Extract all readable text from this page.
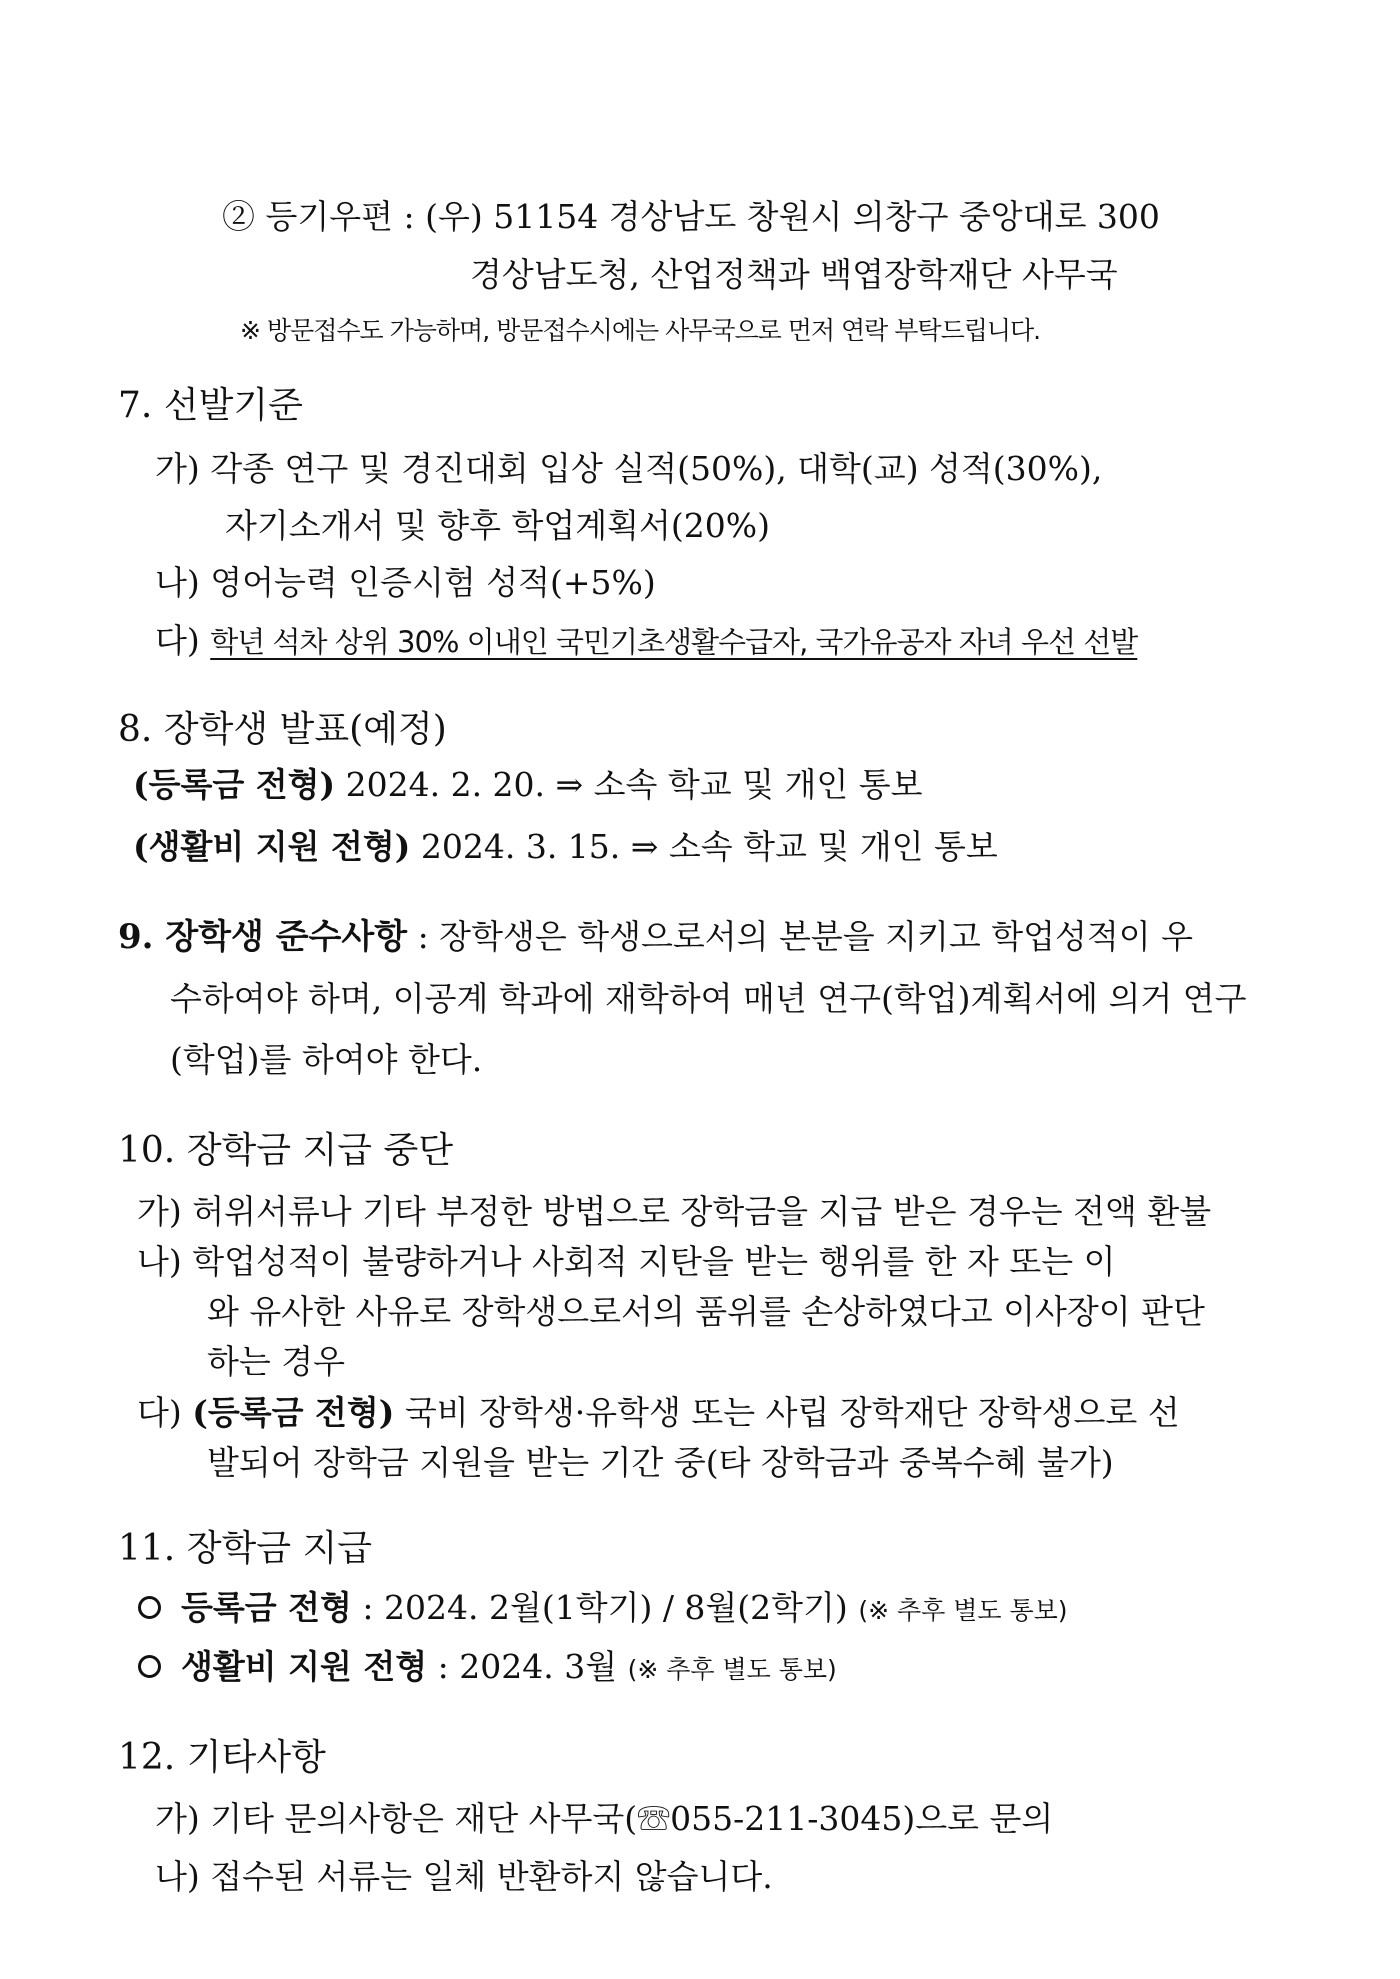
② 등기우편 : (우) 51154 경상남도 창원시 의창구 중앙대로 300
경상남도청, 산업정책과 백엽장학재단 사무국
※ 방문접수도 가능하며, 방문접수시에는 사무국으로 먼저 연락 부탁드립니다.
7. 선발기준
가) 각종 연구 및 경진대회 입상 실적(50%), 대학(교) 성적(30%),
자기소개서 및 향후 학업계획서(20%)
나) 영어능력 인증시험 성적(+5%)
다) 학년 석차 상위 30% 이내인 국민기초생활수급자, 국가유공자 자녀 우선 선발
8. 장학생 발표(예정)
(등록금 전형) 2024. 2. 20. ⇒ 소속 학교 및 개인 통보
(생활비 지원 전형) 2024. 3. 15. ⇒ 소속 학교 및 개인 통보
9. 장학생 준수사항 : 장학생은 학생으로서의 본분을 지키고 학업성적이 우
수하여야 하며, 이공계 학과에 재학하여 매년 연구(학업)계획서에 의거 연구
(학업)를 하여야 한다.
10. 장학금 지급 중단
가) 허위서류나 기타 부정한 방법으로 장학금을 지급 받은 경우는 전액 환불
나) 학업성적이 불량하거나 사회적 지탄을 받는 행위를 한 자 또는 이
와 유사한 사유로 장학생으로서의 품위를 손상하였다고 이사장이 판단
하는 경우
다) (등록금 전형) 국비 장학생·유학생 또는 사립 장학재단 장학생으로 선
발되어 장학금 지원을 받는 기간 중(타 장학금과 중복수혜 불가)
11. 장학금 지급
등록금 전형 : 2024. 2월(1학기) / 8월(2학기) (※ 추후 별도 통보)
생활비 지원 전형 : 2024. 3월 (※ 추후 별도 통보)
12. 기타사항
가) 기타 문의사항은 재단 사무국(☏055-211-3045)으로 문의
나) 접수된 서류는 일체 반환하지 않습니다.
